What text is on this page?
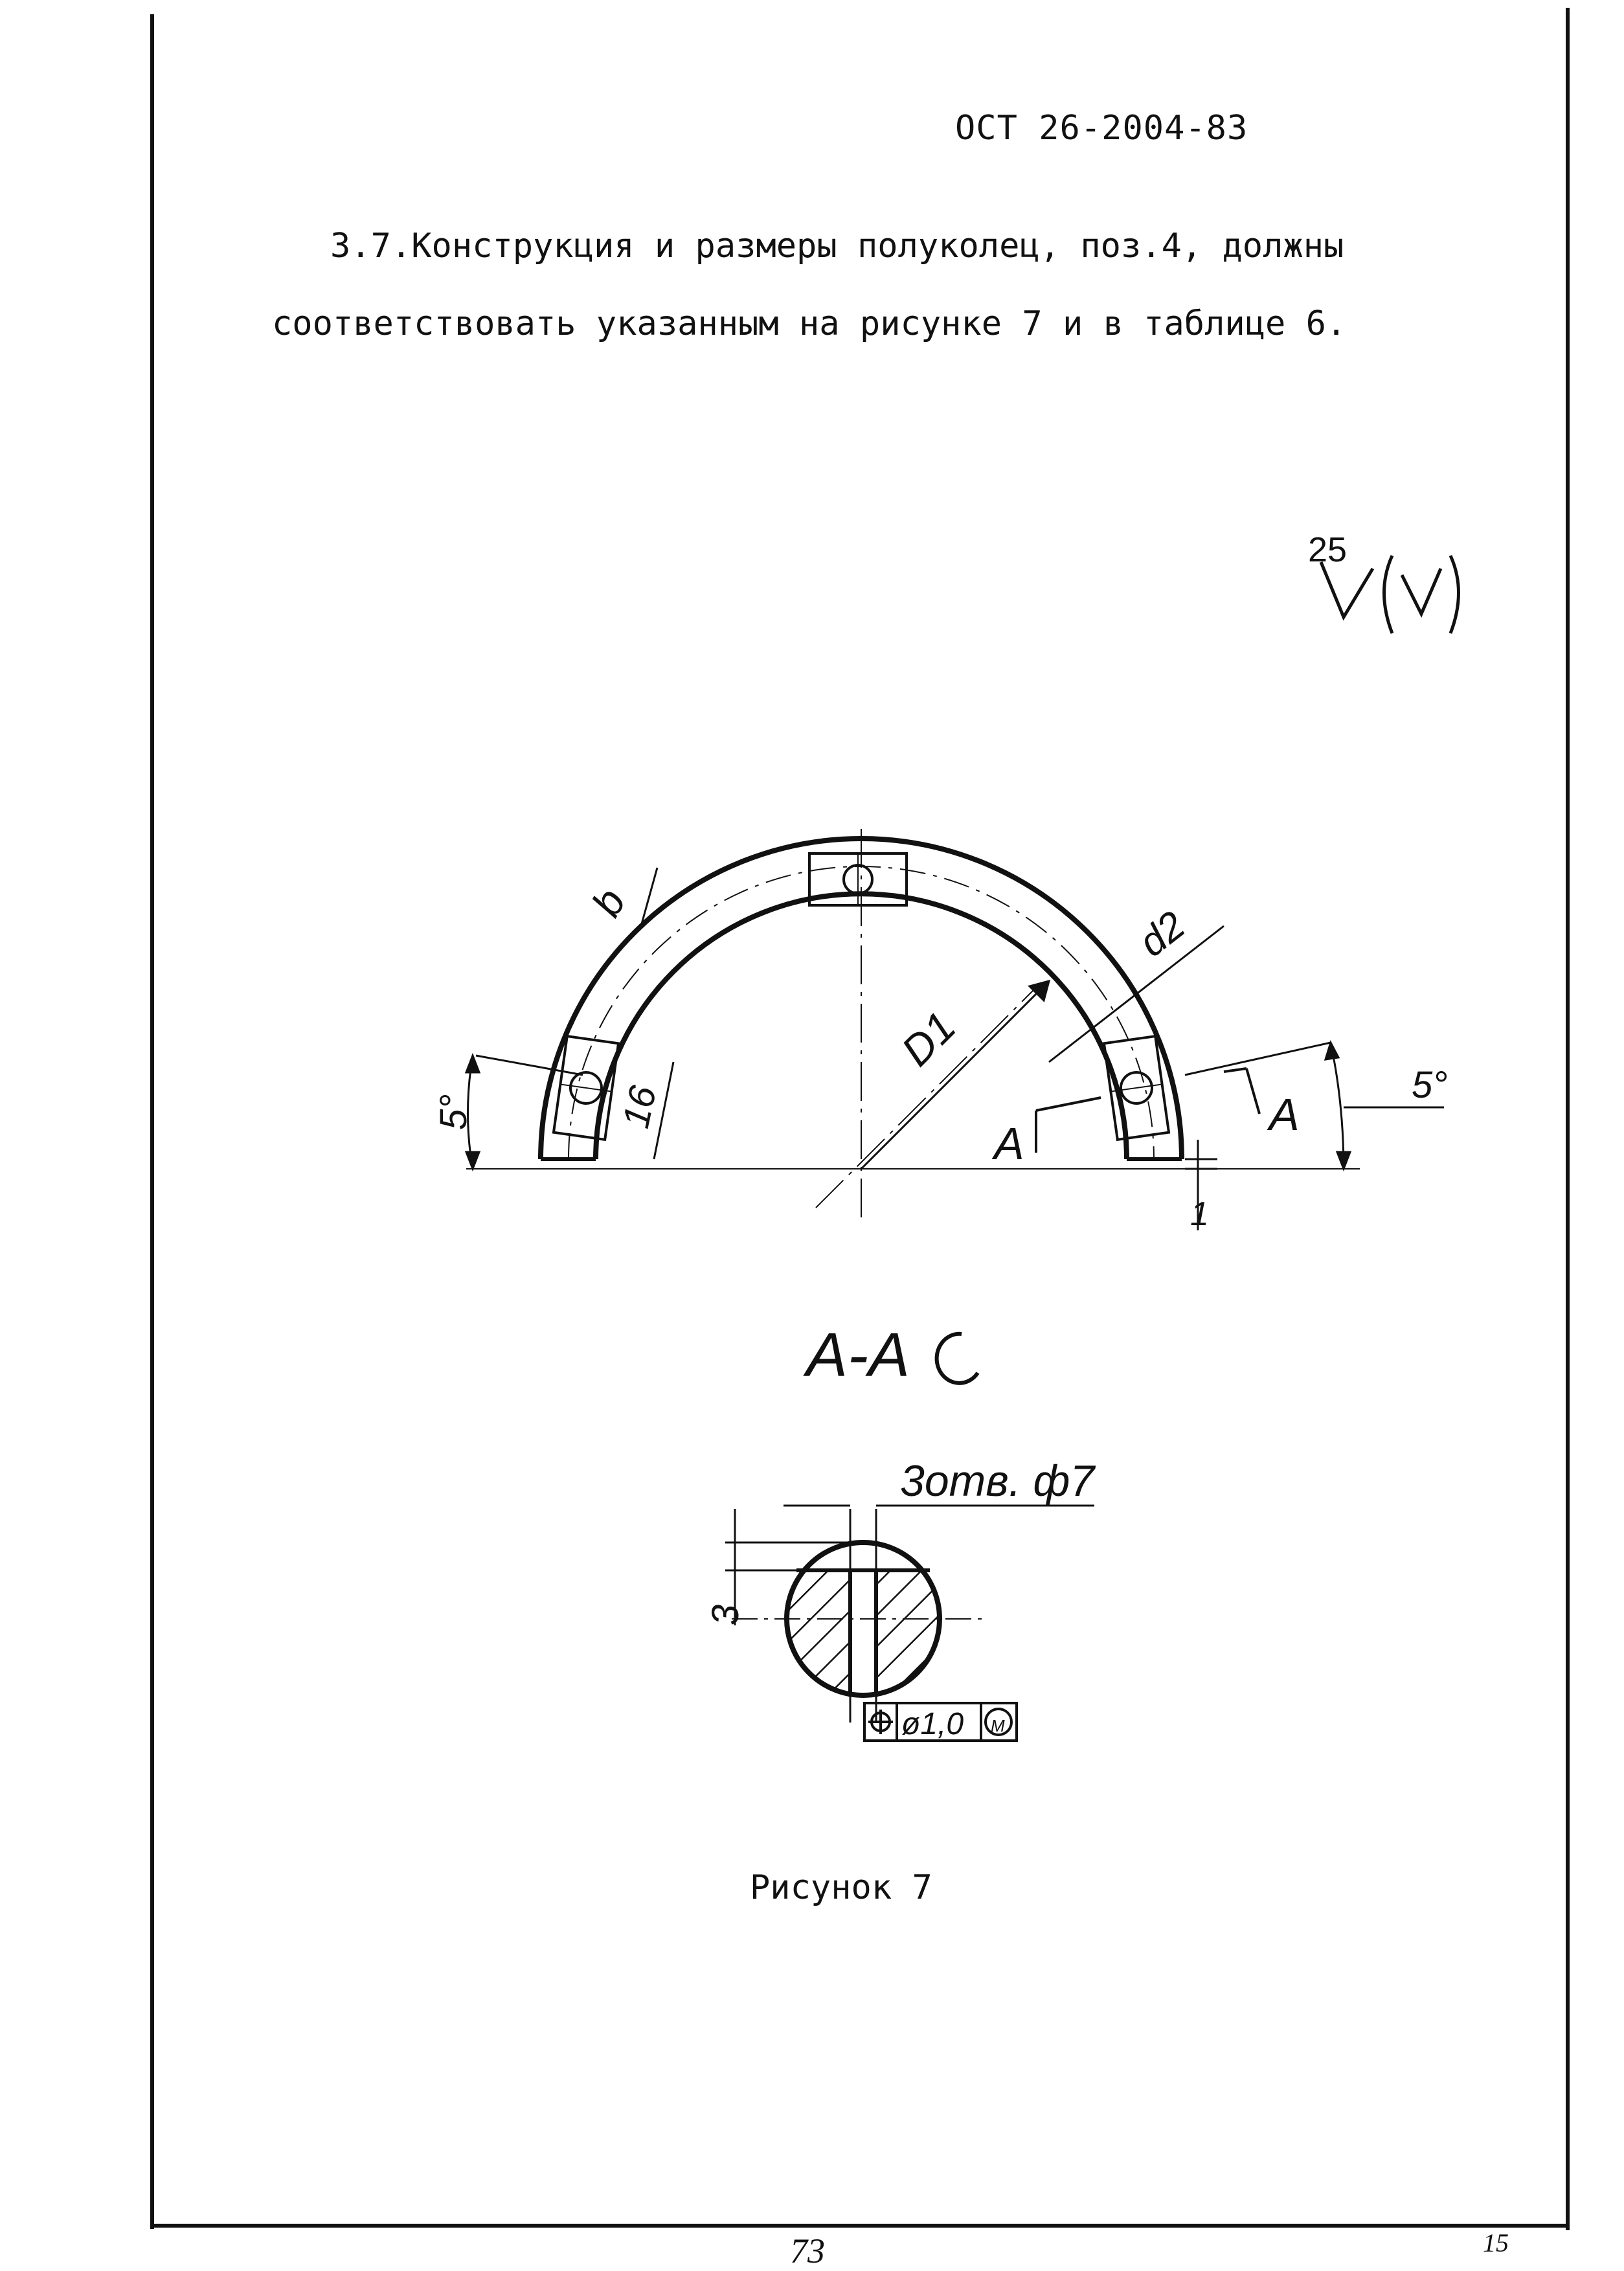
ОСТ 26-2004-83
3.7.Конструкция и размеры полуколец, поз.4, должны
соответствовать указанным на рисунке 7 и в таблице 6.
25
b
D1
d2
5°	16	5°
A
A
1
A-A
3отв. ф7
3
ø1,0 M
Рисунок 7
73	15
